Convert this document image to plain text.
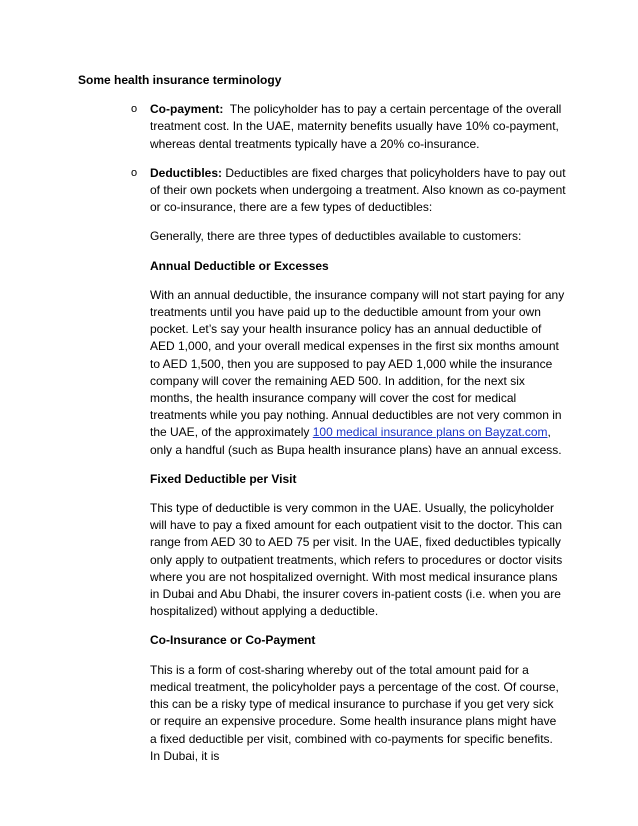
Some health insurance terminology
o Co-payment:  The policyholder has to pay a certain percentage of the overall treatment cost. In the UAE, maternity benefits usually have 10% co-payment, whereas dental treatments typically have a 20% co-insurance.
o Deductibles: Deductibles are fixed charges that policyholders have to pay out of their own pockets when undergoing a treatment. Also known as co-payment or co-insurance, there are a few types of deductibles:
Generally, there are three types of deductibles available to customers:
Annual Deductible or Excesses
With an annual deductible, the insurance company will not start paying for any treatments until you have paid up to the deductible amount from your own pocket. Let’s say your health insurance policy has an annual deductible of AED 1,000, and your overall medical expenses in the first six months amount to AED 1,500, then you are supposed to pay AED 1,000 while the insurance company will cover the remaining AED 500. In addition, for the next six months, the health insurance company will cover the cost for medical treatments while you pay nothing. Annual deductibles are not very common in the UAE, of the approximately 100 medical insurance plans on Bayzat.com, only a handful (such as Bupa health insurance plans) have an annual excess.
Fixed Deductible per Visit
This type of deductible is very common in the UAE. Usually, the policyholder will have to pay a fixed amount for each outpatient visit to the doctor. This can range from AED 30 to AED 75 per visit. In the UAE, fixed deductibles typically only apply to outpatient treatments, which refers to procedures or doctor visits where you are not hospitalized overnight. With most medical insurance plans in Dubai and Abu Dhabi, the insurer covers in-patient costs (i.e. when you are hospitalized) without applying a deductible.
Co-Insurance or Co-Payment
This is a form of cost-sharing whereby out of the total amount paid for a medical treatment, the policyholder pays a percentage of the cost. Of course, this can be a risky type of medical insurance to purchase if you get very sick or require an expensive procedure. Some health insurance plans might have a fixed deductible per visit, combined with co-payments for specific benefits. In Dubai, it is
